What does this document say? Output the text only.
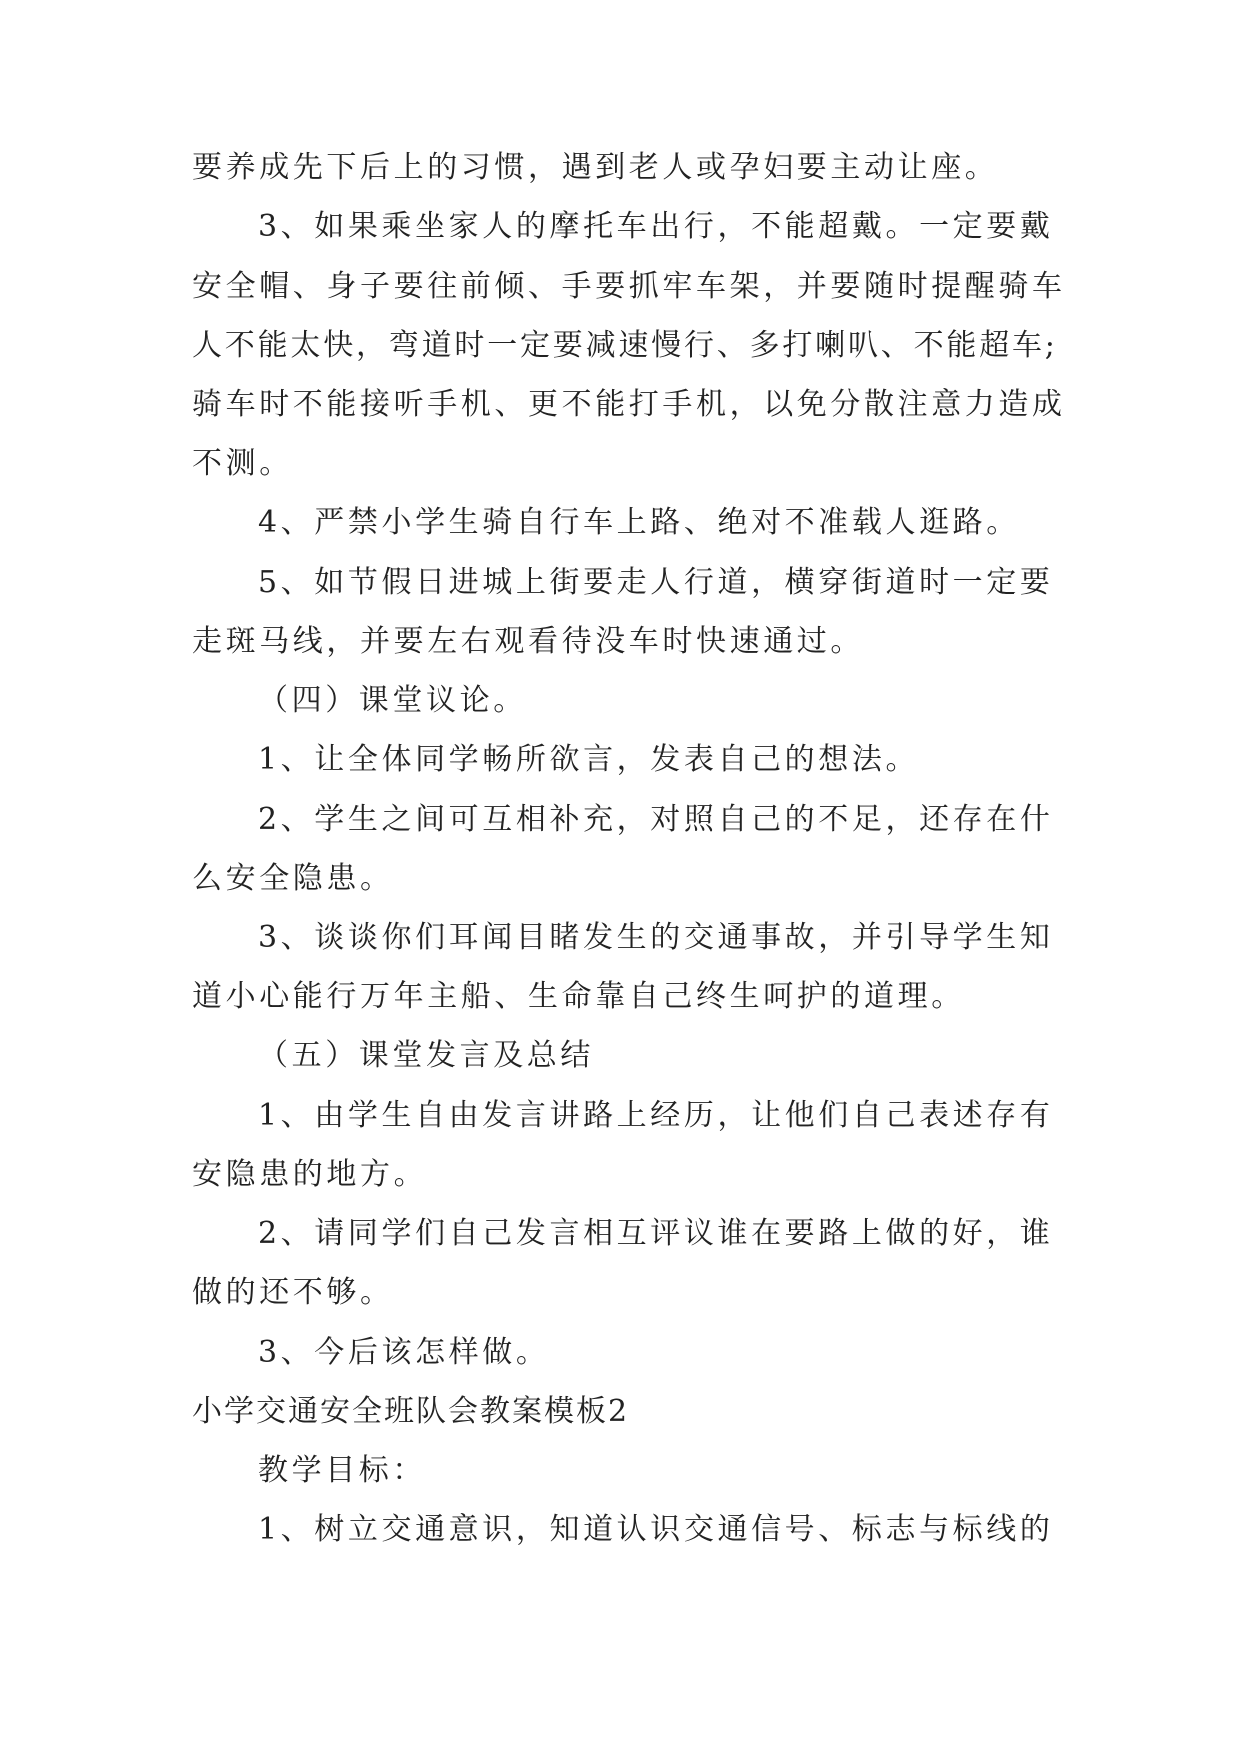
要养成先下后上的习惯，遇到老人或孕妇要主动让座。

3、如果乘坐家人的摩托车出行，不能超戴。一定要戴

安全帽、身子要往前倾、手要抓牢车架，并要随时提醒骑车

人不能太快，弯道时一定要减速慢行、多打喇叭、不能超车;

骑车时不能接听手机、更不能打手机，以免分散注意力造成

不测。

4、严禁小学生骑自行车上路、绝对不准载人逛路。

5、如节假日进城上街要走人行道，横穿街道时一定要

走斑马线，并要左右观看待没车时快速通过。

（四）课堂议论。

1、让全体同学畅所欲言，发表自己的想法。

2、学生之间可互相补充，对照自己的不足，还存在什

么安全隐患。

3、谈谈你们耳闻目睹发生的交通事故，并引导学生知

道小心能行万年主船、生命靠自己终生呵护的道理。

（五）课堂发言及总结

1、由学生自由发言讲路上经历，让他们自己表述存有

安隐患的地方。

2、请同学们自己发言相互评议谁在要路上做的好，谁

做的还不够。

3、今后该怎样做。

小学交通安全班队会教案模板2

教学目标：

1、树立交通意识，知道认识交通信号、标志与标线的
